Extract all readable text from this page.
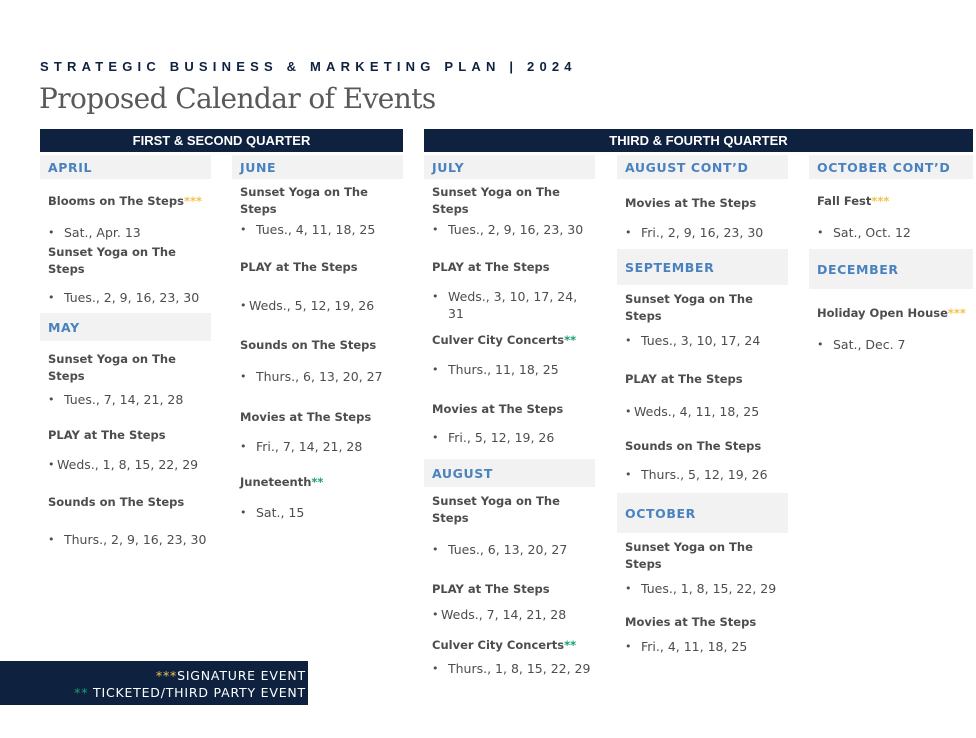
STRATEGIC BUSINESS & MARKETING PLAN | 2024
Proposed Calendar of Events
FIRST & SECOND QUARTER	THIRD & FOURTH QUARTER
APRIL
Blooms on The Steps***
• Sat., Apr. 13
Sunset Yoga on The Steps
• Tues., 2, 9, 16, 23, 30
MAY
Sunset Yoga on The Steps
• Tues., 7, 14, 21, 28
PLAY at The Steps
• Weds., 1, 8, 15, 22, 29
Sounds on The Steps
• Thurs., 2, 9, 16, 23, 30
JUNE
Sunset Yoga on The Steps
• Tues., 4, 11, 18, 25
PLAY at The Steps
• Weds., 5, 12, 19, 26
Sounds on The Steps
• Thurs., 6, 13, 20, 27
Movies at The Steps
• Fri., 7, 14, 21, 28
Juneteenth**
• Sat., 15
JULY
Sunset Yoga on The Steps
• Tues., 2, 9, 16, 23, 30
PLAY at The Steps
• Weds., 3, 10, 17, 24, 31
Culver City Concerts**
• Thurs., 11, 18, 25
Movies at The Steps
• Fri., 5, 12, 19, 26
AUGUST
Sunset Yoga on The Steps
• Tues., 6, 13, 20, 27
PLAY at The Steps
• Weds., 7, 14, 21, 28
Culver City Concerts**
• Thurs., 1, 8, 15, 22, 29
AUGUST CONT’D
Movies at The Steps
• Fri., 2, 9, 16, 23, 30
SEPTEMBER
Sunset Yoga on The Steps
• Tues., 3, 10, 17, 24
PLAY at The Steps
• Weds., 4, 11, 18, 25
Sounds on The Steps
• Thurs., 5, 12, 19, 26
OCTOBER
Sunset Yoga on The Steps
• Tues., 1, 8, 15, 22, 29
Movies at The Steps
• Fri., 4, 11, 18, 25
OCTOBER CONT’D
Fall Fest***
• Sat., Oct. 12
DECEMBER
Holiday Open House***
• Sat., Dec. 7
***SIGNATURE EVENT
** TICKETED/THIRD PARTY EVENT
